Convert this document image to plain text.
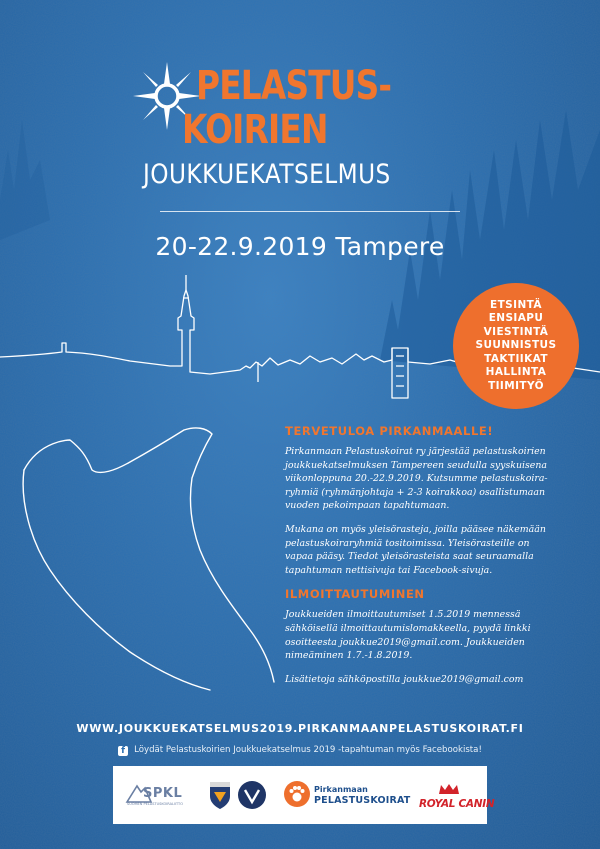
PELASTUS-
KOIRIEN
JOUKKUEKATSELMUS
20-22.9.2019 Tampere
ETSINTÄ
ENSIAPU
VIESTINTÄ
SUUNNISTUS
TAKTIIKAT
HALLINTA
TIIMITYÖ
TERVETULOA PIRKANMAALLE!

Pirkanmaan Pelastuskoirat ry järjestää pelastuskoirien joukkuekatselmuksen Tampereen seudulla syyskuisena viikonloppuna 20.-22.9.2019. Kutsumme pelastuskoira-ryhmiä (ryhmänjohtaja + 2-3 koirakkoa) osallistumaan vuoden pekoimpaan tapahtumaan.

Mukana on myös yleisörasteja, joilla pääsee näkemään pelastuskoiraryhmiä tositoimissa. Yleisörasteille on vapaa pääsy. Tiedot yleisörasteista saat seuraamalla tapahtuman nettisivuja tai Facebook-sivuja.

ILMOITTAUTUMINEN

Joukkueiden ilmoittautumiset 1.5.2019 mennessä sähköisellä ilmoittautumislomakkeella, pyydä linkki osoitteesta joukkue2019@gmail.com. Joukkueiden nimeäminen 1.7.-1.8.2019.

Lisätietoja sähköpostilla joukkue2019@gmail.com

WWW.JOUKKUEKATSELMUS2019.PIRKANMAANPELASTUSKOIRAT.FI
f Löydät Pelastuskoirien Joukkuekatselmus 2019 -tapahtuman myös Facebookista!
SPKL
SUOMEN PELASTUSKOIRALIITTO
Pirkanmaan
PELASTUSKOIRAT ROYAL CANIN
